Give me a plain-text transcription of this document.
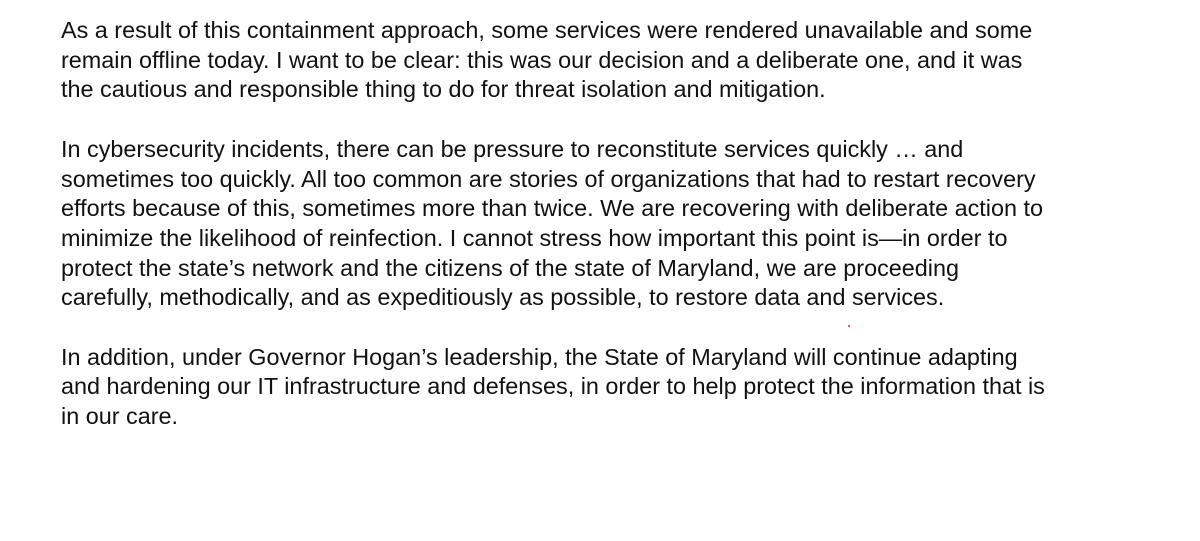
As a result of this containment approach, some services were rendered unavailable and some
remain offline today. I want to be clear: this was our decision and a deliberate one, and it was
the cautious and responsible thing to do for threat isolation and mitigation.

In cybersecurity incidents, there can be pressure to reconstitute services quickly … and
sometimes too quickly. All too common are stories of organizations that had to restart recovery
efforts because of this, sometimes more than twice. We are recovering with deliberate action to
minimize the likelihood of reinfection. I cannot stress how important this point is—in order to
protect the state’s network and the citizens of the state of Maryland, we are proceeding
carefully, methodically, and as expeditiously as possible, to restore data and services.

In addition, under Governor Hogan’s leadership, the State of Maryland will continue adapting
and hardening our IT infrastructure and defenses, in order to help protect the information that is
in our care.
